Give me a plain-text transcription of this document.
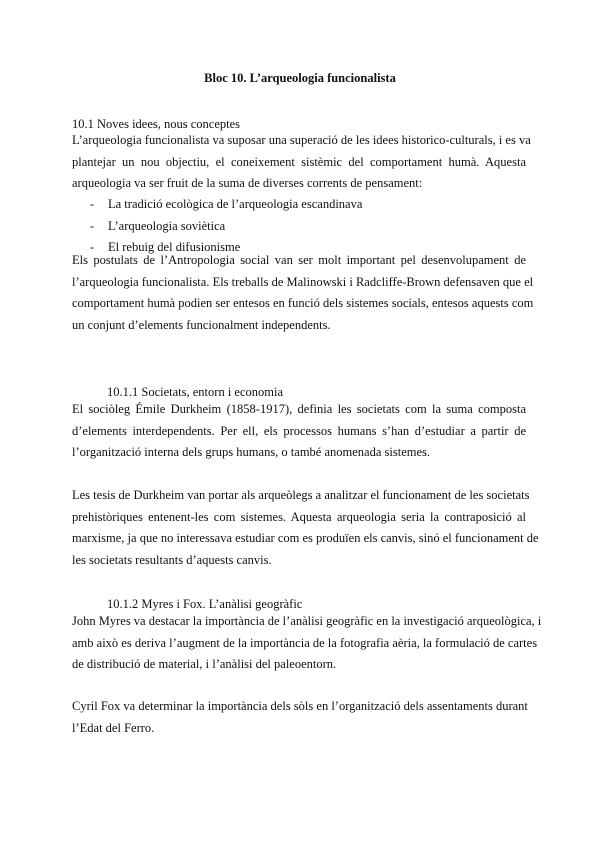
Bloc 10. L’arqueologia funcionalista
10.1 Noves idees, nous conceptes
L’arqueologia funcionalista va suposar una superació de les idees historico-culturals, i es va
plantejar un nou objectiu, el coneixement sistèmic del comportament humà. Aquesta
arqueologia va ser fruit de la suma de diverses corrents de pensament:
- La tradició ecològica de l’arqueologia escandinava
- L’arqueologia soviètica
- El rebuig del difusionisme
Els postulats de l’Antropologia social van ser molt important pel desenvolupament de
l’arqueologia funcionalista. Els treballs de Malinowski i Radcliffe-Brown defensaven que el
comportament humà podien ser entesos en funció dels sistemes socials, entesos aquests com
un conjunt d’elements funcionalment independents.
10.1.1 Societats, entorn i economia
El sociòleg Émile Durkheim (1858-1917), definia les societats com la suma composta
d’elements interdependents. Per ell, els processos humans s’han d’estudiar a partir de
l’organització interna dels grups humans, o també anomenada sistemes.
Les tesis de Durkheim van portar als arqueòlegs a analitzar el funcionament de les societats
prehistòriques entenent-les com sistemes. Aquesta arqueologia seria la contraposició al
marxisme, ja que no interessava estudiar com es produïen els canvis, sinó el funcionament de
les societats resultants d’aquests canvis.
10.1.2 Myres i Fox. L’anàlisi geogràfic
John Myres va destacar la importància de l’anàlisi geogràfic en la investigació arqueològica, i
amb això es deriva l’augment de la importància de la fotografia aèria, la formulació de cartes
de distribució de material, i l’anàlisi del paleoentorn.
Cyril Fox va determinar la importància dels sòls en l’organització dels assentaments durant
l’Edat del Ferro.
